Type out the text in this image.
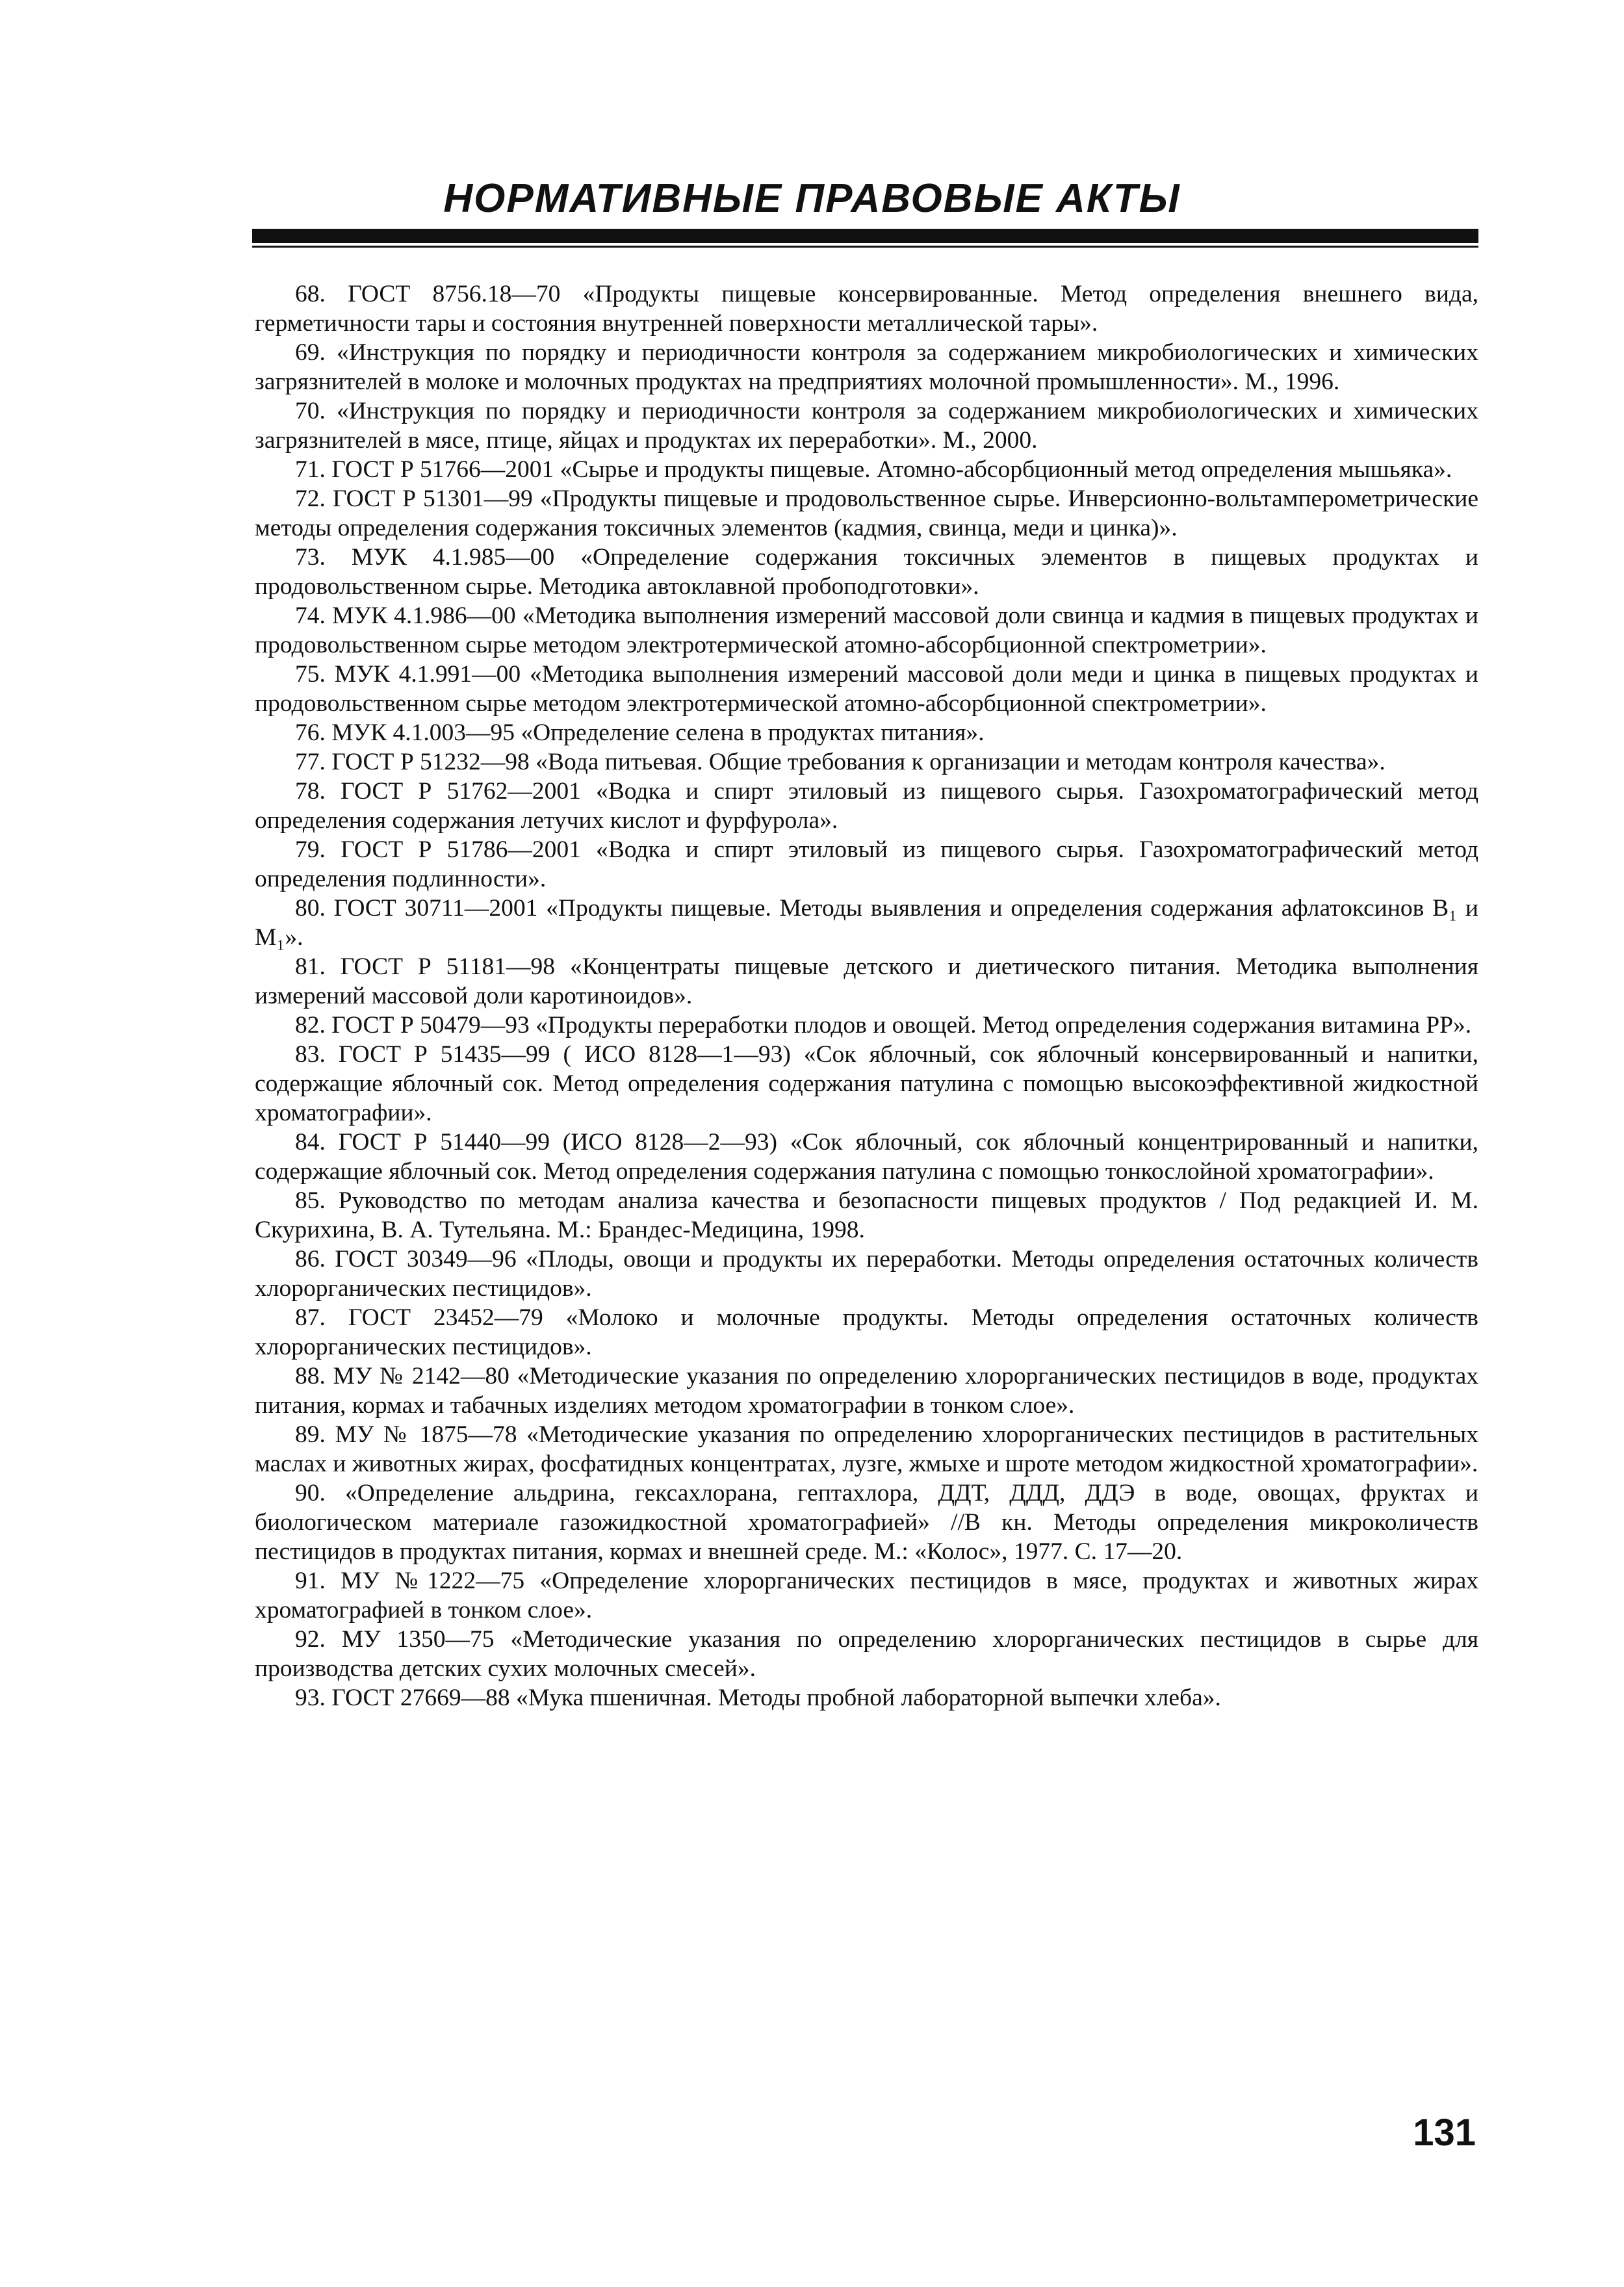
НОРМАТИВНЫЕ ПРАВОВЫЕ АКТЫ

68. ГОСТ 8756.18—70 «Продукты пищевые консервированные. Метод определения внешнего вида, герметичности тары и состояния внутренней поверхности металлической тары».

69. «Инструкция по порядку и периодичности контроля за содержанием микробиологических и химических загрязнителей в молоке и молочных продуктах на предприятиях молочной промышленности». М., 1996.

70. «Инструкция по порядку и периодичности контроля за содержанием микробиологических и химических загрязнителей в мясе, птице, яйцах и продуктах их переработки». М., 2000.

71. ГОСТ Р 51766—2001 «Сырье и продукты пищевые. Атомно-абсорбционный метод определения мышьяка».

72. ГОСТ Р 51301—99 «Продукты пищевые и продовольственное сырье. Инверсионно-вольтамперометрические методы определения содержания токсичных элементов (кадмия, свинца, меди и цинка)».

73. МУК 4.1.985—00 «Определение содержания токсичных элементов в пищевых продуктах и продовольственном сырье. Методика автоклавной пробоподготовки».

74. МУК 4.1.986—00 «Методика выполнения измерений массовой доли свинца и кадмия в пищевых продуктах и продовольственном сырье методом электротермической атомно-абсорбционной спектрометрии».

75. МУК 4.1.991—00 «Методика выполнения измерений массовой доли меди и цинка в пищевых продуктах и продовольственном сырье методом электротермической атомно-абсорбционной спектрометрии».

76. МУК 4.1.003—95 «Определение селена в продуктах питания».

77. ГОСТ Р 51232—98 «Вода питьевая. Общие требования к организации и методам контроля качества».

78. ГОСТ Р 51762—2001 «Водка и спирт этиловый из пищевого сырья. Газохроматографический метод определения содержания летучих кислот и фурфурола».

79. ГОСТ Р 51786—2001 «Водка и спирт этиловый из пищевого сырья. Газохроматографический метод определения подлинности».

80. ГОСТ 30711—2001 «Продукты пищевые. Методы выявления и определения содержания афлатоксинов B₁ и M₁».

81. ГОСТ Р 51181—98 «Концентраты пищевые детского и диетического питания. Методика выполнения измерений массовой доли каротиноидов».

82. ГОСТ Р 50479—93 «Продукты переработки плодов и овощей. Метод определения содержания витамина PP».

83. ГОСТ Р 51435—99 ( ИСО 8128—1—93) «Сок яблочный, сок яблочный консервированный и напитки, содержащие яблочный сок. Метод определения содержания патулина с помощью высокоэффективной жидкостной хроматографии».

84. ГОСТ Р 51440—99 (ИСО 8128—2—93) «Сок яблочный, сок яблочный концентрированный и напитки, содержащие яблочный сок. Метод определения содержания патулина с помощью тонкослойной хроматографии».

85. Руководство по методам анализа качества и безопасности пищевых продуктов / Под редакцией И. М. Скурихина, В. А. Тутельяна. М.: Брандес-Медицина, 1998.

86. ГОСТ 30349—96 «Плоды, овощи и продукты их переработки. Методы определения остаточных количеств хлорорганических пестицидов».

87. ГОСТ 23452—79 «Молоко и молочные продукты. Методы определения остаточных количеств хлорорганических пестицидов».

88. МУ № 2142—80 «Методические указания по определению хлорорганических пестицидов в воде, продуктах питания, кормах и табачных изделиях методом хроматографии в тонком слое».

89. МУ № 1875—78 «Методические указания по определению хлорорганических пестицидов в растительных маслах и животных жирах, фосфатидных концентратах, лузге, жмыхе и шроте методом жидкостной хроматографии».

90. «Определение альдрина, гексахлорана, гептахлора, ДДТ, ДДД, ДДЭ в воде, овощах, фруктах и биологическом материале газожидкостной хроматографией» //В кн. Методы определения микроколичеств пестицидов в продуктах питания, кормах и внешней среде. М.: «Колос», 1977. С. 17—20.

91. МУ №1222—75 «Определение хлорорганических пестицидов в мясе, продуктах и животных жирах хроматографией в тонком слое».

92. МУ 1350—75 «Методические указания по определению хлорорганических пестицидов в сырье для производства детских сухих молочных смесей».

93. ГОСТ 27669—88 «Мука пшеничная. Методы пробной лабораторной выпечки хлеба».

131
